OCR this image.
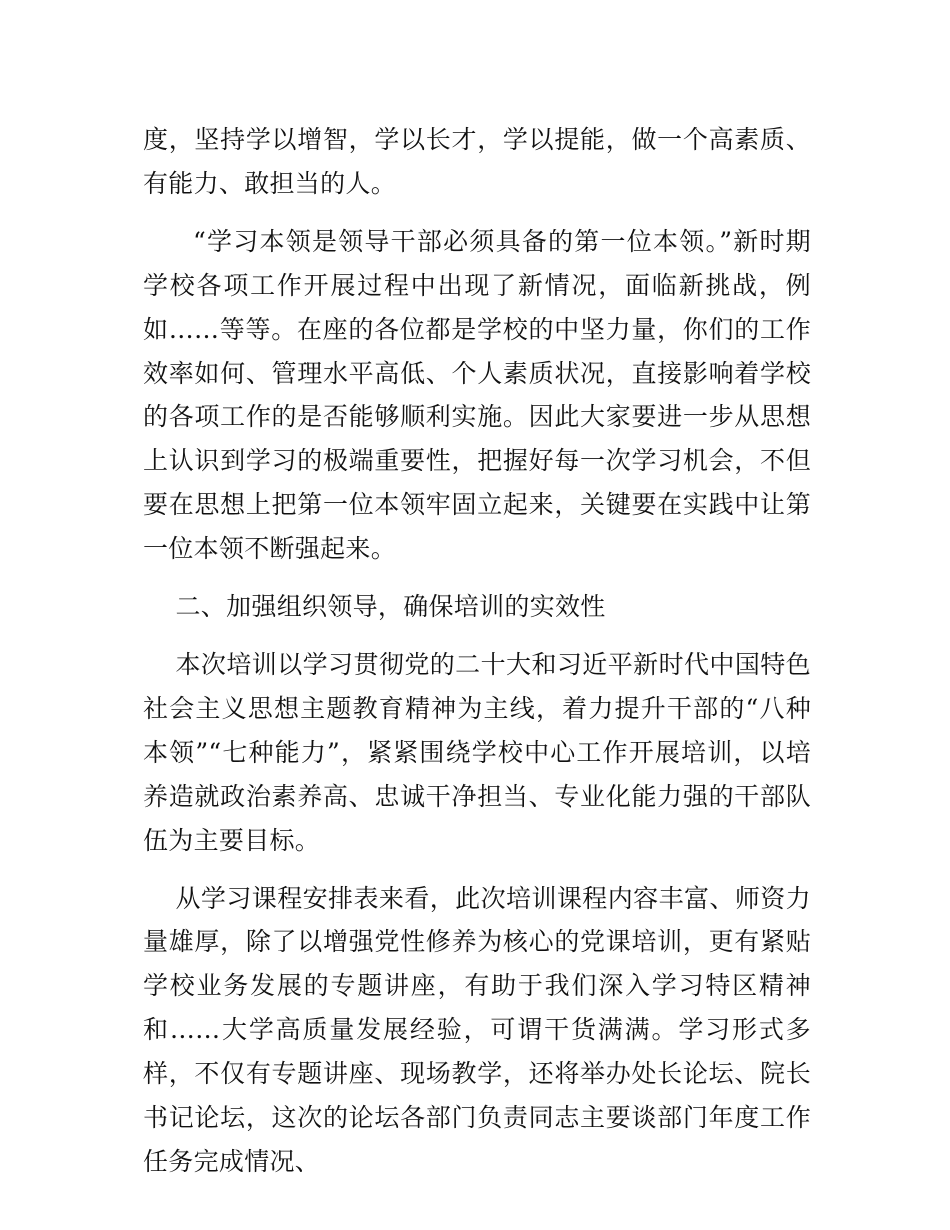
度，坚持学以增智，学以长才，学以提能，做一个高素质、有能力、敢担当的人。

“学习本领是领导干部必须具备的第一位本领。”新时期学校各项工作开展过程中出现了新情况，面临新挑战，例如……等等。在座的各位都是学校的中坚力量，你们的工作效率如何、管理水平高低、个人素质状况，直接影响着学校的各项工作的是否能够顺利实施。因此大家要进一步从思想上认识到学习的极端重要性，把握好每一次学习机会，不但要在思想上把第一位本领牢固立起来，关键要在实践中让第一位本领不断强起来。

二、加强组织领导，确保培训的实效性

本次培训以学习贯彻党的二十大和习近平新时代中国特色社会主义思想主题教育精神为主线，着力提升干部的“八种本领”“七种能力”，紧紧围绕学校中心工作开展培训，以培养造就政治素养高、忠诚干净担当、专业化能力强的干部队伍为主要目标。

从学习课程安排表来看，此次培训课程内容丰富、师资力量雄厚，除了以增强党性修养为核心的党课培训，更有紧贴学校业务发展的专题讲座，有助于我们深入学习特区精神和……大学高质量发展经验，可谓干货满满。学习形式多样，不仅有专题讲座、现场教学，还将举办处长论坛、院长书记论坛，这次的论坛各部门负责同志主要谈部门年度工作任务完成情况、
